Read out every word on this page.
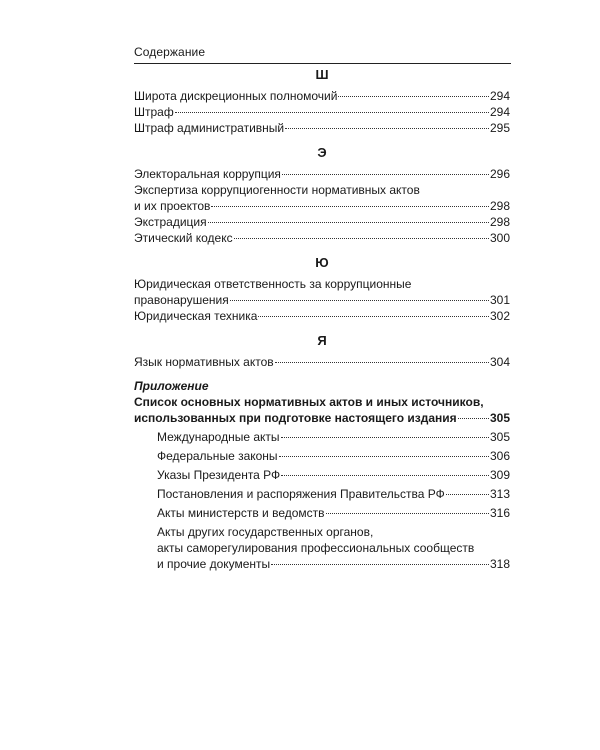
Содержание
Ш
Широта дискреционных полномочий	294
Штраф	294
Штраф административный	295
Э
Электоральная коррупция	296
Экспертиза коррупциогенности нормативных актов
и их проектов	298
Экстрадиция	298
Этический кодекс	300
Ю
Юридическая ответственность за коррупционные
правонарушения	301
Юридическая техника	302
Я
Язык нормативных актов	304
Приложение
Список основных нормативных актов и иных источников,
использованных при подготовке настоящего издания	305
Международные акты	305
Федеральные законы	306
Указы Президента РФ	309
Постановления и распоряжения Правительства РФ	313
Акты министерств и ведомств	316
Акты других государственных органов,
акты саморегулирования профессиональных сообществ
и прочие документы	318
